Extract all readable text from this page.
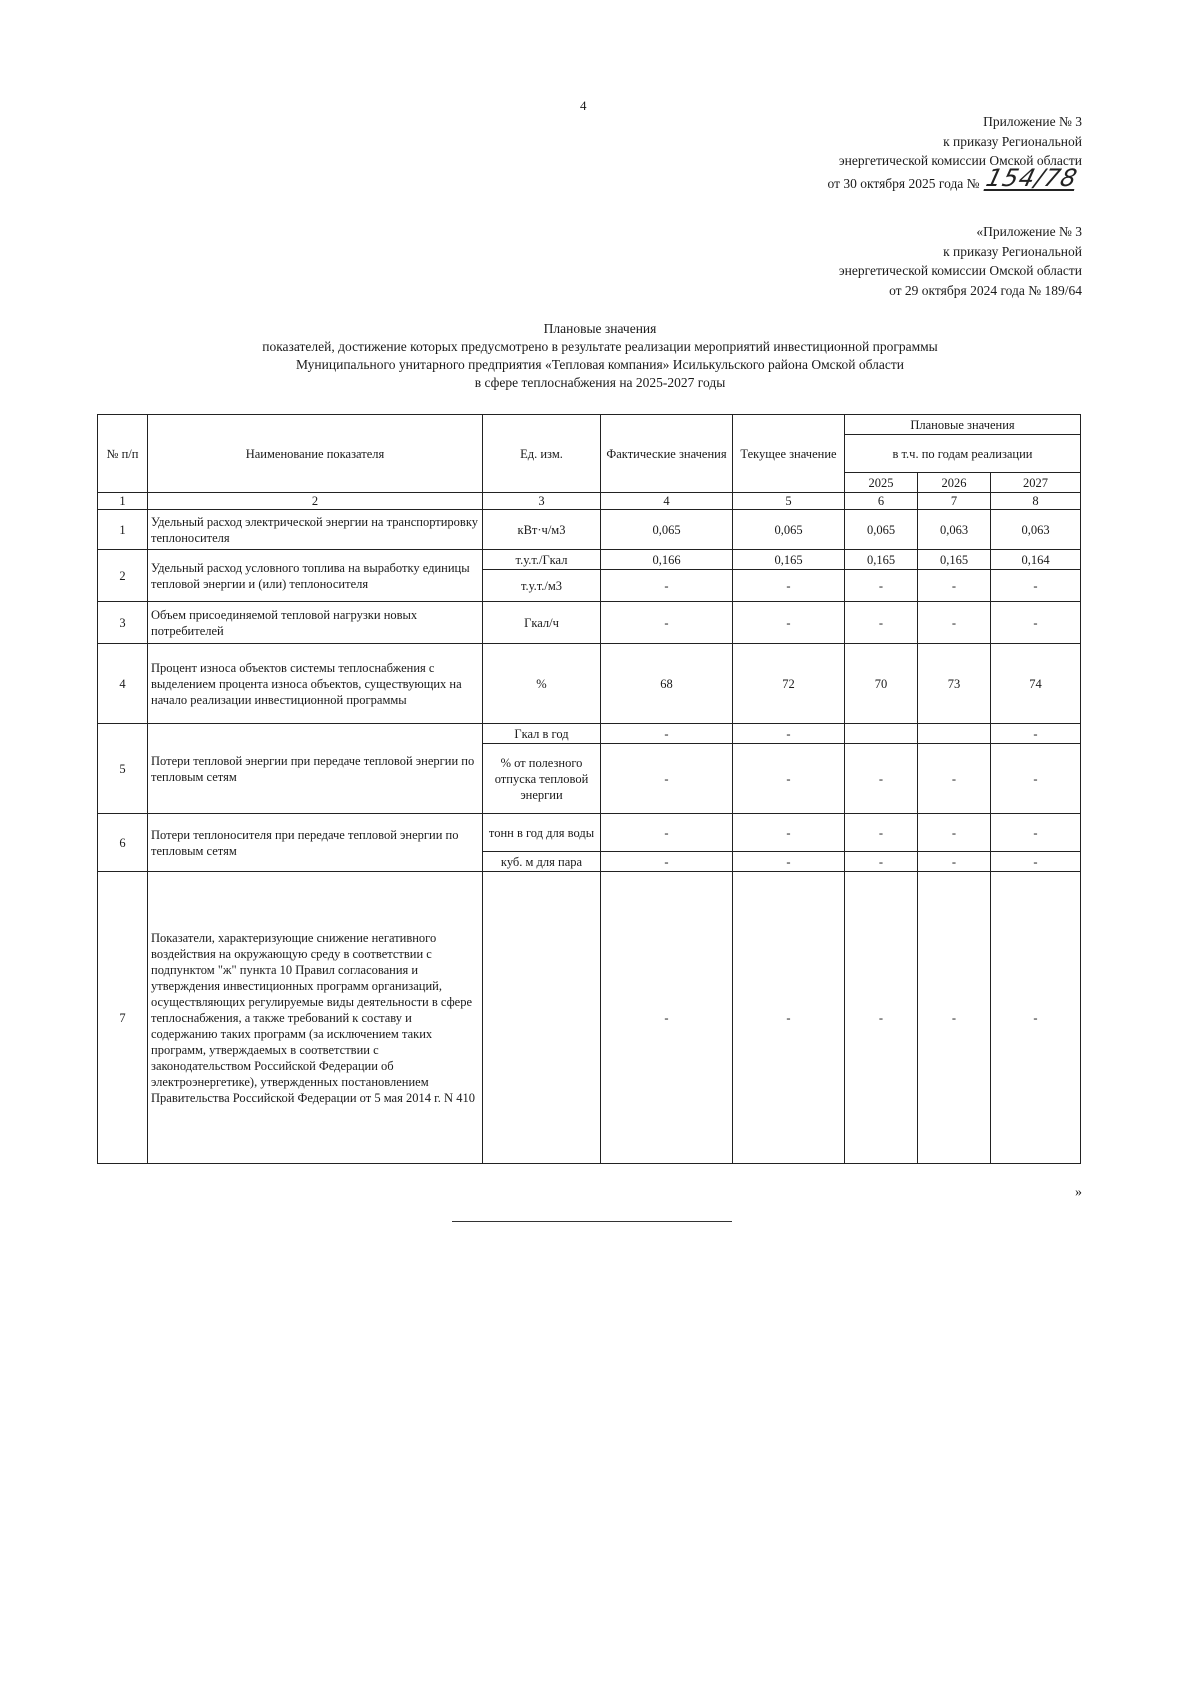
4
Приложение № 3
к приказу Региональной
энергетической комиссии Омской области
от 30 октября 2025 года № 154/78
«Приложение № 3
к приказу Региональной
энергетической комиссии Омской области
от 29 октября 2024 года № 189/64
Плановые значения
показателей, достижение которых предусмотрено в результате реализации мероприятий инвестиционной программы
Муниципального унитарного предприятия «Тепловая компания» Исилькульского района Омской области
в сфере теплоснабжения на 2025-2027 годы
№ п/п	Наименование показателя	Ед. изм.	Фактические значения	Текущее значение	Плановые значения		
					в т.ч. по годам реализации		
					2025	2026	2027
1	2	3	4	5	6	7	8
1	Удельный расход электрической энергии на транспортировку теплоносителя	кВт·ч/м3	0,065	0,065	0,065	0,063	0,063
2	Удельный расход условного топлива на выработку единицы тепловой энергии и (или) теплоносителя	т.у.т./Гкал	0,166	0,165	0,165	0,165	0,164
		т.у.т./м3	-	-	-	-	-
3	Объем присоединяемой тепловой нагрузки новых потребителей	Гкал/ч	-	-	-	-	-
4	Процент износа объектов системы теплоснабжения с выделением процента износа объектов, существующих на начало реализации инвестиционной программы	%	68	72	70	73	74
5	Потери тепловой энергии при передаче тепловой энергии по тепловым сетям	Гкал в год	-	-			-
		% от полезного отпуска тепловой энергии	-	-	-	-	-
6	Потери теплоносителя при передаче тепловой энергии по тепловым сетям	тонн в год для воды	-	-	-	-	-
		куб. м для пара	-	-	-	-	-
7	Показатели, характеризующие снижение негативного воздействия на окружающую среду в соответствии с подпунктом "ж" пункта 10 Правил согласования и утверждения инвестиционных программ организаций, осуществляющих регулируемые виды деятельности в сфере теплоснабжения, а также требований к составу и содержанию таких программ (за исключением таких программ, утверждаемых в соответствии с законодательством Российской Федерации об электроэнергетике), утвержденных постановлением Правительства Российской Федерации от 5 мая 2014 г. N 410		-	-	-	-	-
»
